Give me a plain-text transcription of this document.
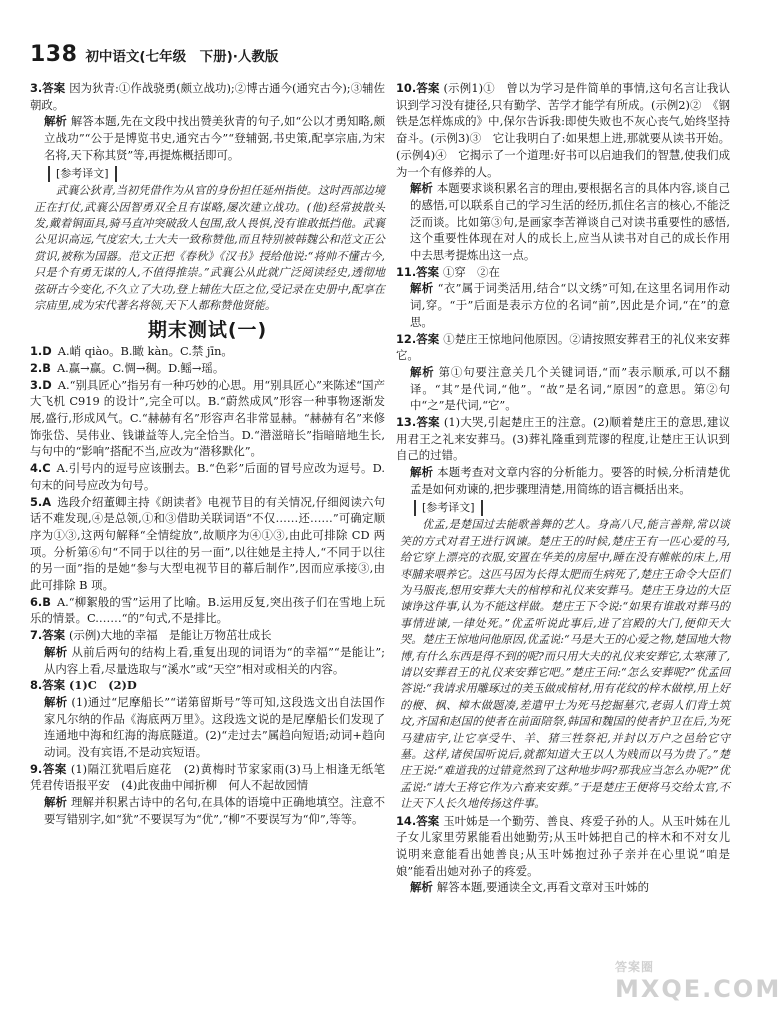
138 初中语文(七年级　下册)·人教版

3.答案 因为狄青:①作战骁勇(颇立战功);②博古通今(通究古今);③辅佐朝政。

解析 解答本题,先在文段中找出赞美狄青的句子,如“公以才勇知略,颇立战功”“公于是博览书史,通究古今”“登辅弼,书史策,配享宗庙,为宋名将,天下称其贤”等,再提炼概括即可。

[参考译文]

武襄公狄青,当初凭借作为从官的身份担任延州指使。这时西部边境正在打仗,武襄公因智勇双全且有谋略,屡次建立战功。(他)经常披散头发,戴着铜面具,骑马直冲突破敌人包围,敌人畏惧,没有谁敢抵挡他。武襄公见识高远,气度宏大,士大夫一致称赞他,而且特别被韩魏公和范文正公赏识,被称为国器。范文正把《春秋》《汉书》授给他说:“将帅不懂古今,只是个有勇无谋的人,不值得推崇。”武襄公从此就广泛阅读经史,透彻地弦研古今变化,不久立了大功,登上辅佐大臣之位,受记录在史册中,配享在宗庙里,成为宋代著名将领,天下人都称赞他贤能。

期末测试(一)

1.D A.峭 qiào。B.瞰 kàn。C.禁 jīn。

2.B A.赢→赢。C.惆→稠。D.鳐→瑶。

3.D A.“别具匠心”指另有一种巧妙的心思。用“别具匠心”来陈述“国产大飞机 C919 的设计”,完全可以。B.“蔚然成风”形容一种事物逐渐发展,盛行,形成风气。C.“赫赫有名”形容声名非常显赫。“赫赫有名”来修饰张岱、吴伟业、钱谦益等人,完全恰当。D.“潜滋暗长”指暗暗地生长,与句中的“影响”搭配不当,应改为“潜移默化”。

4.C A.引号内的逗号应该删去。B.“色彩”后面的冒号应改为逗号。D.句末的问号应改为句号。

5.A 选段介绍董卿主持《朗读者》电视节目的有关情况,仔细阅读六句话不难发现,④是总领,①和③借助关联词语“不仅……还……”可确定顺序为①③,这两句解释“全情绽放”,故顺序为④①③,由此可排除 CD 两项。分析第⑥句“不同于以往的另一面”,以往她是主持人,“不同于以往的另一面”指的是她“参与大型电视节目的幕后制作”,因而应承接③,由此可排除 B 项。

6.B A.“柳絮般的雪”运用了比喻。B.运用反复,突出孩子们在雪地上玩乐的情景。C.……“的”句式,不是排比。

7.答案 (示例)大地的幸福　是能让万物茁壮成长

解析 从前后两句的结构上看,重复出现的词语为“的幸福”“是能让”;从内容上看,尽量选取与“溪水”或“天空”相对或相关的内容。

8.答案 (1)C　(2)D

解析 (1)通过“尼摩船长”“诺第留斯号”等可知,这段选文出自法国作家凡尔纳的作品《海底两万里》。这段选文说的是尼摩船长们发现了连通地中海和红海的海底隧道。(2)“走过去”属趋向短语;动词+趋向动词。没有宾语,不是动宾短语。

9.答案 (1)隔江犹唱后庭花　(2)黄梅时节家家雨(3)马上相逢无纸笔　凭君传语报平安　(4)此夜曲中闻折柳　何人不起故园情

解析 理解并积累古诗中的名句,在具体的语境中正确地填空。注意不要写错别字,如“犹”不要误写为“优”,“柳”不要误写为“仰”,等等。

10.答案 (示例1)①　曾以为学习是件简单的事情,这句名言让我认识到学习没有捷径,只有勤学、苦学才能学有所成。(示例2)②　《钢铁是怎样炼成的》中,保尔告诉我:即使失败也不灰心丧气,始终坚持奋斗。(示例3)③　它让我明白了:如果想上进,那就要从读书开始。(示例4)④　它揭示了一个道理:好书可以启迪我们的智慧,使我们成为一个有修养的人。

解析 本题要求谈积累名言的理由,要根据名言的具体内容,谈自己的感悟,可以联系自己的学习生活的经历,抓住名言的核心,不能泛泛而谈。比如第③句,是画家李苦禅谈自己对读书重要性的感悟,这个重要性体现在对人的成长上,应当从读书对自己的成长作用中去思考提炼出这一点。

11.答案 ①穿　②在

解析 “衣”属于词类活用,结合“以文绣”可知,在这里名词用作动词,穿。“于”后面是表示方位的名词“前”,因此是介词,“在”的意思。

12.答案 ①楚庄王惊地问他原因。②请按照安葬君王的礼仪来安葬它。

解析 第①句要注意关几个关键词语,“而”表示顺承,可以不翻译。“其”是代词,“他”。“故”是名词,“原因”的意思。第②句中“之”是代词,“它”。

13.答案 (1)大哭,引起楚庄王的注意。(2)顺着楚庄王的意思,建议用君王之礼来安葬马。(3)葬礼隆重到荒谬的程度,让楚庄王认识到自己的过错。

解析 本题考查对文章内容的分析能力。要答的时候,分析清楚优孟是如何劝谏的,把步骤理清楚,用简练的语言概括出来。

[参考译文]

优孟,是楚国过去能歌善舞的艺人。身高八尺,能言善辩,常以谈笑的方式对君王进行讽谏。楚庄王的时候,楚庄王有一匹心爱的马,给它穿上漂亮的衣服,安置在华美的房屋中,睡在没有帷帐的床上,用枣脯来喂养它。这匹马因为长得太肥而生病死了,楚庄王命令大臣们为马服丧,想用安葬大夫的棺椁和礼仪来安葬马。楚庄王身边的大臣谏诤这件事,认为不能这样做。楚庄王下令说:“如果有谁敢对葬马的事情进谏,一律处死。”优孟听说此事后,进了宫殿的大门,便仰天大哭。楚庄王惊地问他原因,优孟说:“马是大王的心爱之物,楚国地大物博,有什么东西是得不到的呢?而只用大夫的礼仪来安葬它,太寒薄了,请以安葬君王的礼仪来安葬它吧。”楚庄王问:“怎么安葬呢?”优孟回答说:“我请求用雕琢过的美玉做成棺材,用有花纹的梓木做椁,用上好的楩、枫、樟木做题凑,差遣甲士为死马挖掘墓穴,老弱人们背土筑坟,齐国和赵国的使者在前面陪祭,韩国和魏国的使者护卫在后,为死马建庙宇,让它享受牛、羊、猪三牲祭祀,并封以万户之邑给它守墓。这样,诸侯国听说后,就都知道大王以人为贱而以马为贵了。”楚庄王说:“难道我的过错竟然到了这种地步吗?那我应当怎么办呢?”优孟说:“请大王将它作为六畜来安葬。”于是楚庄王便将马交给太官,不让天下人长久地传扬这件事。

14.答案 玉叶姊是一个勤劳、善良、疼爱子孙的人。从玉叶姊在儿子女儿家里劳累能看出她勤劳;从玉叶姊把自己的梓木和不对女儿说明来意能看出她善良;从玉叶姊抱过孙子亲并在心里说“咱是娘”能看出她对孙子的疼爱。

解析 解答本题,要通读全文,再看文章对玉叶姊的

答案圈
MXQE.COM
